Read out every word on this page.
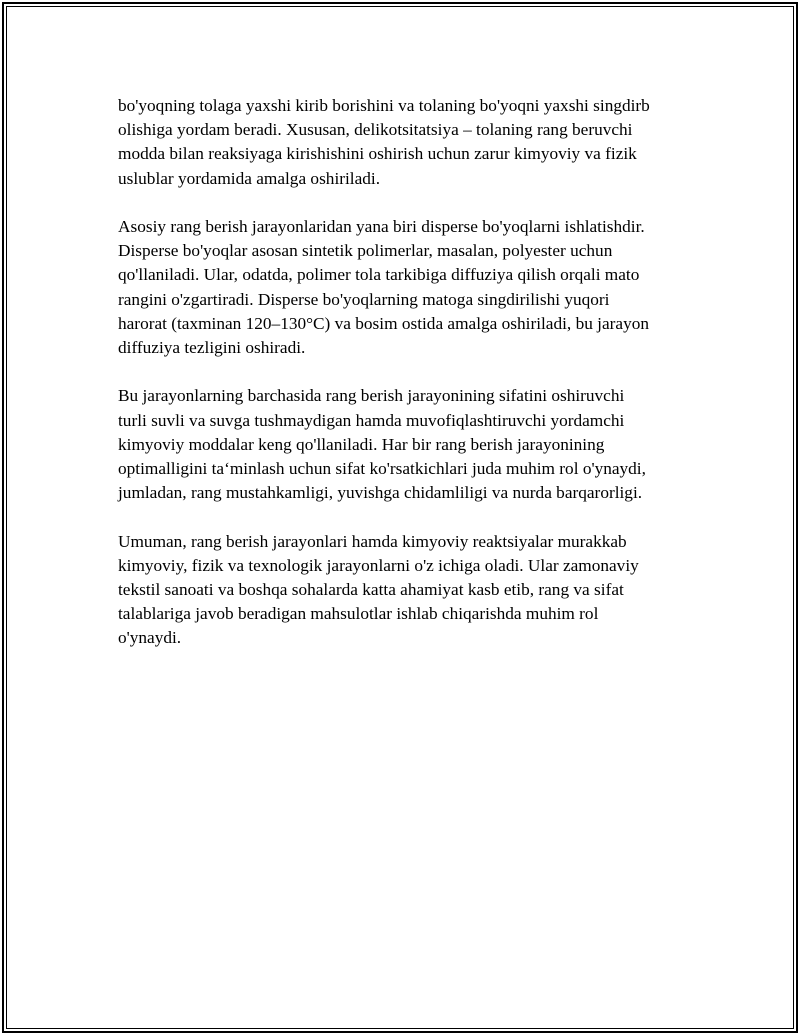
bo'yoqning tolaga yaxshi kirib borishini va tolaning bo'yoqni yaxshi singdirb
olishiga yordam beradi. Xususan, delikotsitatsiya – tolaning rang beruvchi
modda bilan reaksiyaga kirishishini oshirish uchun zarur kimyoviy va fizik
uslublar yordamida amalga oshiriladi.

Asosiy rang berish jarayonlaridan yana biri disperse bo'yoqlarni ishlatishdir.
Disperse bo'yoqlar asosan sintetik polimerlar, masalan, polyester uchun
qo'llaniladi. Ular, odatda, polimer tola tarkibiga diffuziya qilish orqali mato
rangini o'zgartiradi. Disperse bo'yoqlarning matoga singdirilishi yuqori
harorat (taxminan 120–130°C) va bosim ostida amalga oshiriladi, bu jarayon
diffuziya tezligini oshiradi.

Bu jarayonlarning barchasida rang berish jarayonining sifatini oshiruvchi
turli suvli va suvga tushmaydigan hamda muvofiqlashtiruvchi yordamchi
kimyoviy moddalar keng qo'llaniladi. Har bir rang berish jarayonining
optimalligini ta‘minlash uchun sifat ko'rsatkichlari juda muhim rol o'ynaydi,
jumladan, rang mustahkamligi, yuvishga chidamliligi va nurda barqarorligi.

Umuman, rang berish jarayonlari hamda kimyoviy reaktsiyalar murakkab
kimyoviy, fizik va texnologik jarayonlarni o'z ichiga oladi. Ular zamonaviy
tekstil sanoati va boshqa sohalarda katta ahamiyat kasb etib, rang va sifat
talablariga javob beradigan mahsulotlar ishlab chiqarishda muhim rol
o'ynaydi.
